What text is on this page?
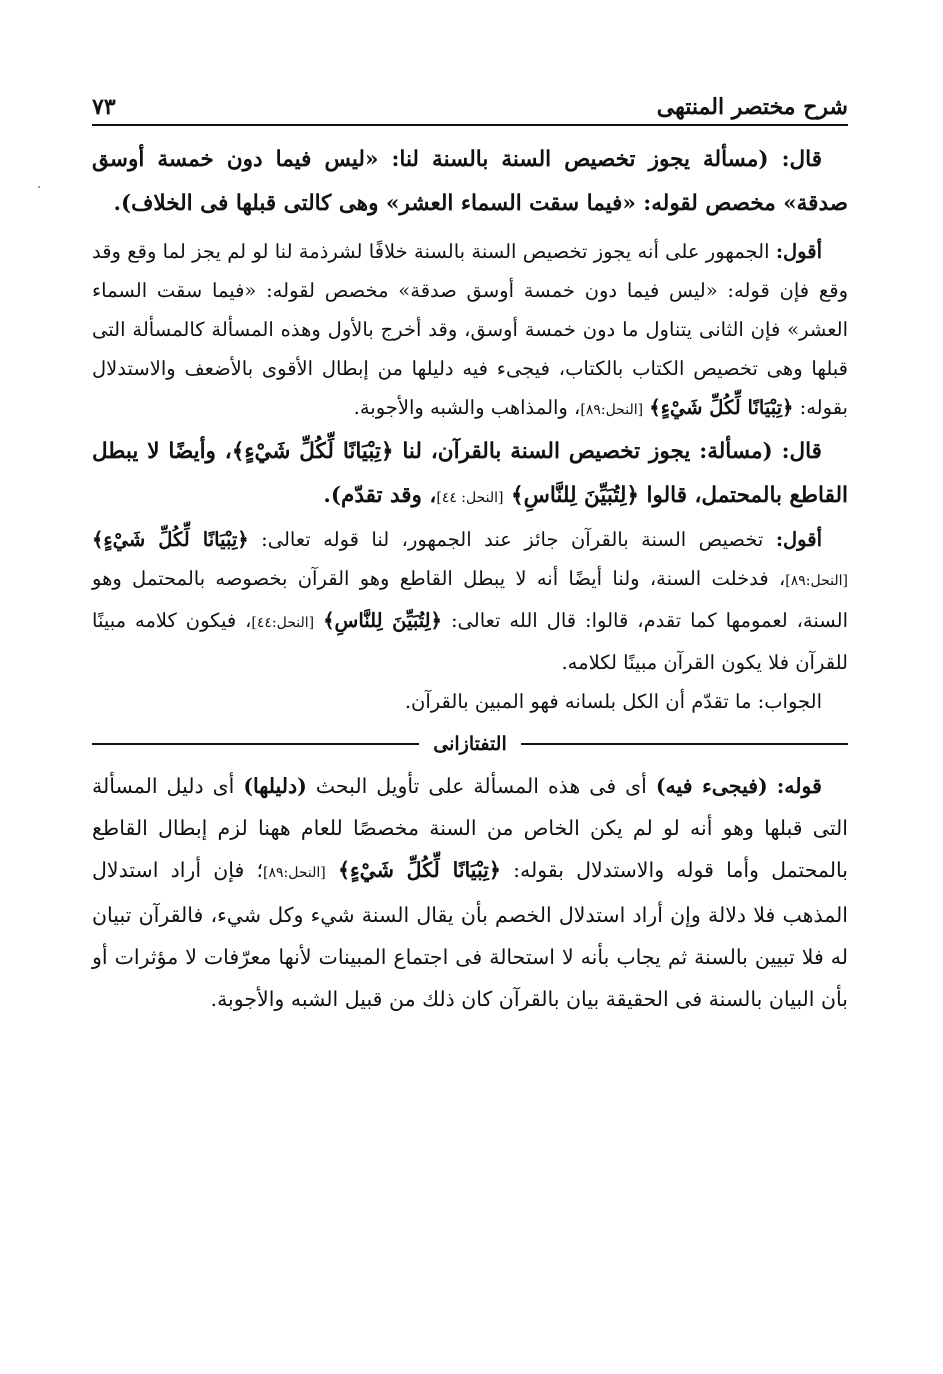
شرح مختصر المنتهى
٧٣

قال: (مسألة يجوز تخصيص السنة بالسنة لنا: «ليس فيما دون خمسة أوسق صدقة» مخصص لقوله: «فيما سقت السماء العشر» وهى كالتى قبلها فى الخلاف).

أقول: الجمهور على أنه يجوز تخصيص السنة بالسنة خلافًا لشرذمة لنا لو لم يجز لما وقع وقد وقع فإن قوله: «ليس فيما دون خمسة أوسق صدقة» مخصص لقوله: «فيما سقت السماء العشر» فإن الثانى يتناول ما دون خمسة أوسق، وقد أخرج بالأول وهذه المسألة كالمسألة التى قبلها وهى تخصيص الكتاب بالكتاب، فيجىء فيه دليلها من إبطال الأقوى بالأضعف والاستدلال بقوله: ﴿تِبْيَانًا لِّكُلِّ شَيْءٍ﴾ [النحل:٨٩]، والمذاهب والشبه والأجوبة.

قال: (مسألة: يجوز تخصيص السنة بالقرآن، لنا ﴿تِبْيَانًا لِّكُلِّ شَيْءٍ﴾، وأيضًا لا يبطل القاطع بالمحتمل، قالوا ﴿لِتُبَيِّنَ لِلنَّاسِ﴾ [النحل: ٤٤]، وقد تقدّم).

أقول: تخصيص السنة بالقرآن جائز عند الجمهور، لنا قوله تعالى: ﴿تِبْيَانًا لِّكُلِّ شَيْءٍ﴾ [النحل:٨٩]، فدخلت السنة، ولنا أيضًا أنه لا يبطل القاطع وهو القرآن بخصوصه بالمحتمل وهو السنة، لعمومها كما تقدم، قالوا: قال الله تعالى: ﴿لِتُبَيِّنَ لِلنَّاسِ﴾ [النحل:٤٤]، فيكون كلامه مبينًا للقرآن فلا يكون القرآن مبينًا لكلامه.

الجواب: ما تقدّم أن الكل بلسانه فهو المبين بالقرآن.

التفتازانى

قوله: (فيجىء فيه) أى فى هذه المسألة على تأويل البحث (دليلها) أى دليل المسألة التى قبلها وهو أنه لو لم يكن الخاص من السنة مخصصًا للعام ههنا لزم إبطال القاطع بالمحتمل وأما قوله والاستدلال بقوله: ﴿تِبْيَانًا لِّكُلِّ شَيْءٍ﴾ [النحل:٨٩]؛ فإن أراد استدلال المذهب فلا دلالة وإن أراد استدلال الخصم بأن يقال السنة شيء وكل شيء، فالقرآن تبيان له فلا تبيين بالسنة ثم يجاب بأنه لا استحالة فى اجتماع المبينات لأنها معرّفات لا مؤثرات أو بأن البيان بالسنة فى الحقيقة بيان بالقرآن كان ذلك من قبيل الشبه والأجوبة.
